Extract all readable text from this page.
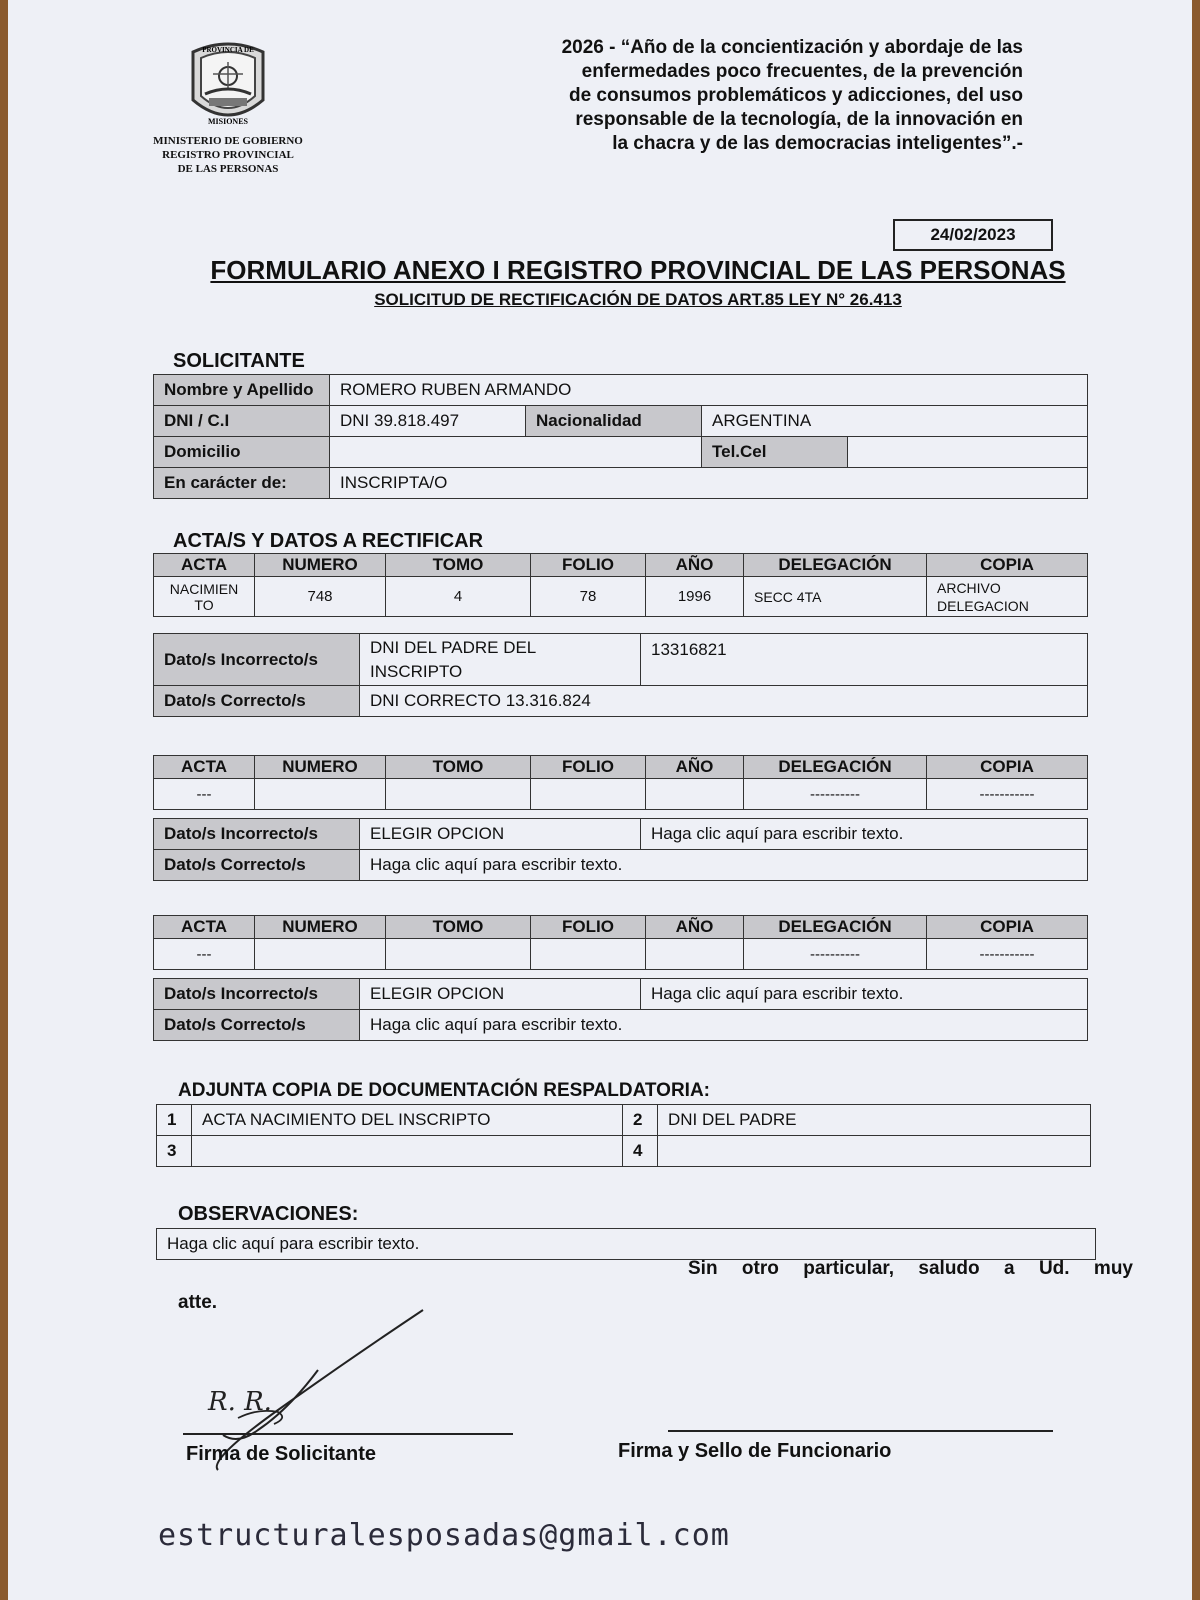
PROVINCIA DE
MISIONES
MINISTERIO DE GOBIERNO
REGISTRO PROVINCIAL
DE LAS PERSONAS
2026 - “Año de la concientización y abordaje de las
enfermedades poco frecuentes, de la prevención
de consumos problemáticos y adicciones, del uso
responsable de la tecnología, de la innovación en
la chacra y de las democracias inteligentes”.-
24/02/2023
FORMULARIO ANEXO I REGISTRO PROVINCIAL DE LAS PERSONAS
SOLICITUD DE RECTIFICACIÓN DE DATOS ART.85 LEY N° 26.413
SOLICITANTE
Nombre y Apellido	ROMERO RUBEN ARMANDO			
DNI / C.I	DNI 39.818.497	Nacionalidad	ARGENTINA	
Domicilio			Tel.Cel	
En carácter de:	INSCRIPTA/O			
ACTA/S Y DATOS A RECTIFICAR
ACTA	NUMERO	TOMO	FOLIO	AÑO	DELEGACIÓN	COPIA
NACIMIEN TO	748	4	78	1996	SECC 4TA	ARCHIVO DELEGACION
Dato/s Incorrecto/s	DNI DEL PADRE DEL INSCRIPTO	13316821
Dato/s Correcto/s	DNI CORRECTO 13.316.824	
ACTA	NUMERO	TOMO	FOLIO	AÑO	DELEGACIÓN	COPIA
---					----------	-----------
Dato/s Incorrecto/s	ELEGIR OPCION	Haga clic aquí para escribir texto.
Dato/s Correcto/s	Haga clic aquí para escribir texto.	
ACTA	NUMERO	TOMO	FOLIO	AÑO	DELEGACIÓN	COPIA
---					----------	-----------
Dato/s Incorrecto/s	ELEGIR OPCION	Haga clic aquí para escribir texto.
Dato/s Correcto/s	Haga clic aquí para escribir texto.	
ADJUNTA COPIA DE DOCUMENTACIÓN RESPALDATORIA:
1	ACTA NACIMIENTO DEL INSCRIPTO	2	DNI DEL PADRE
3		4	
OBSERVACIONES:
Haga clic aquí para escribir texto.
Sin otro particular, saludo a Ud. muy
atte.
R. R.
Firma de Solicitante	Firma y Sello de Funcionario
estructuralesposadas@gmail.com
